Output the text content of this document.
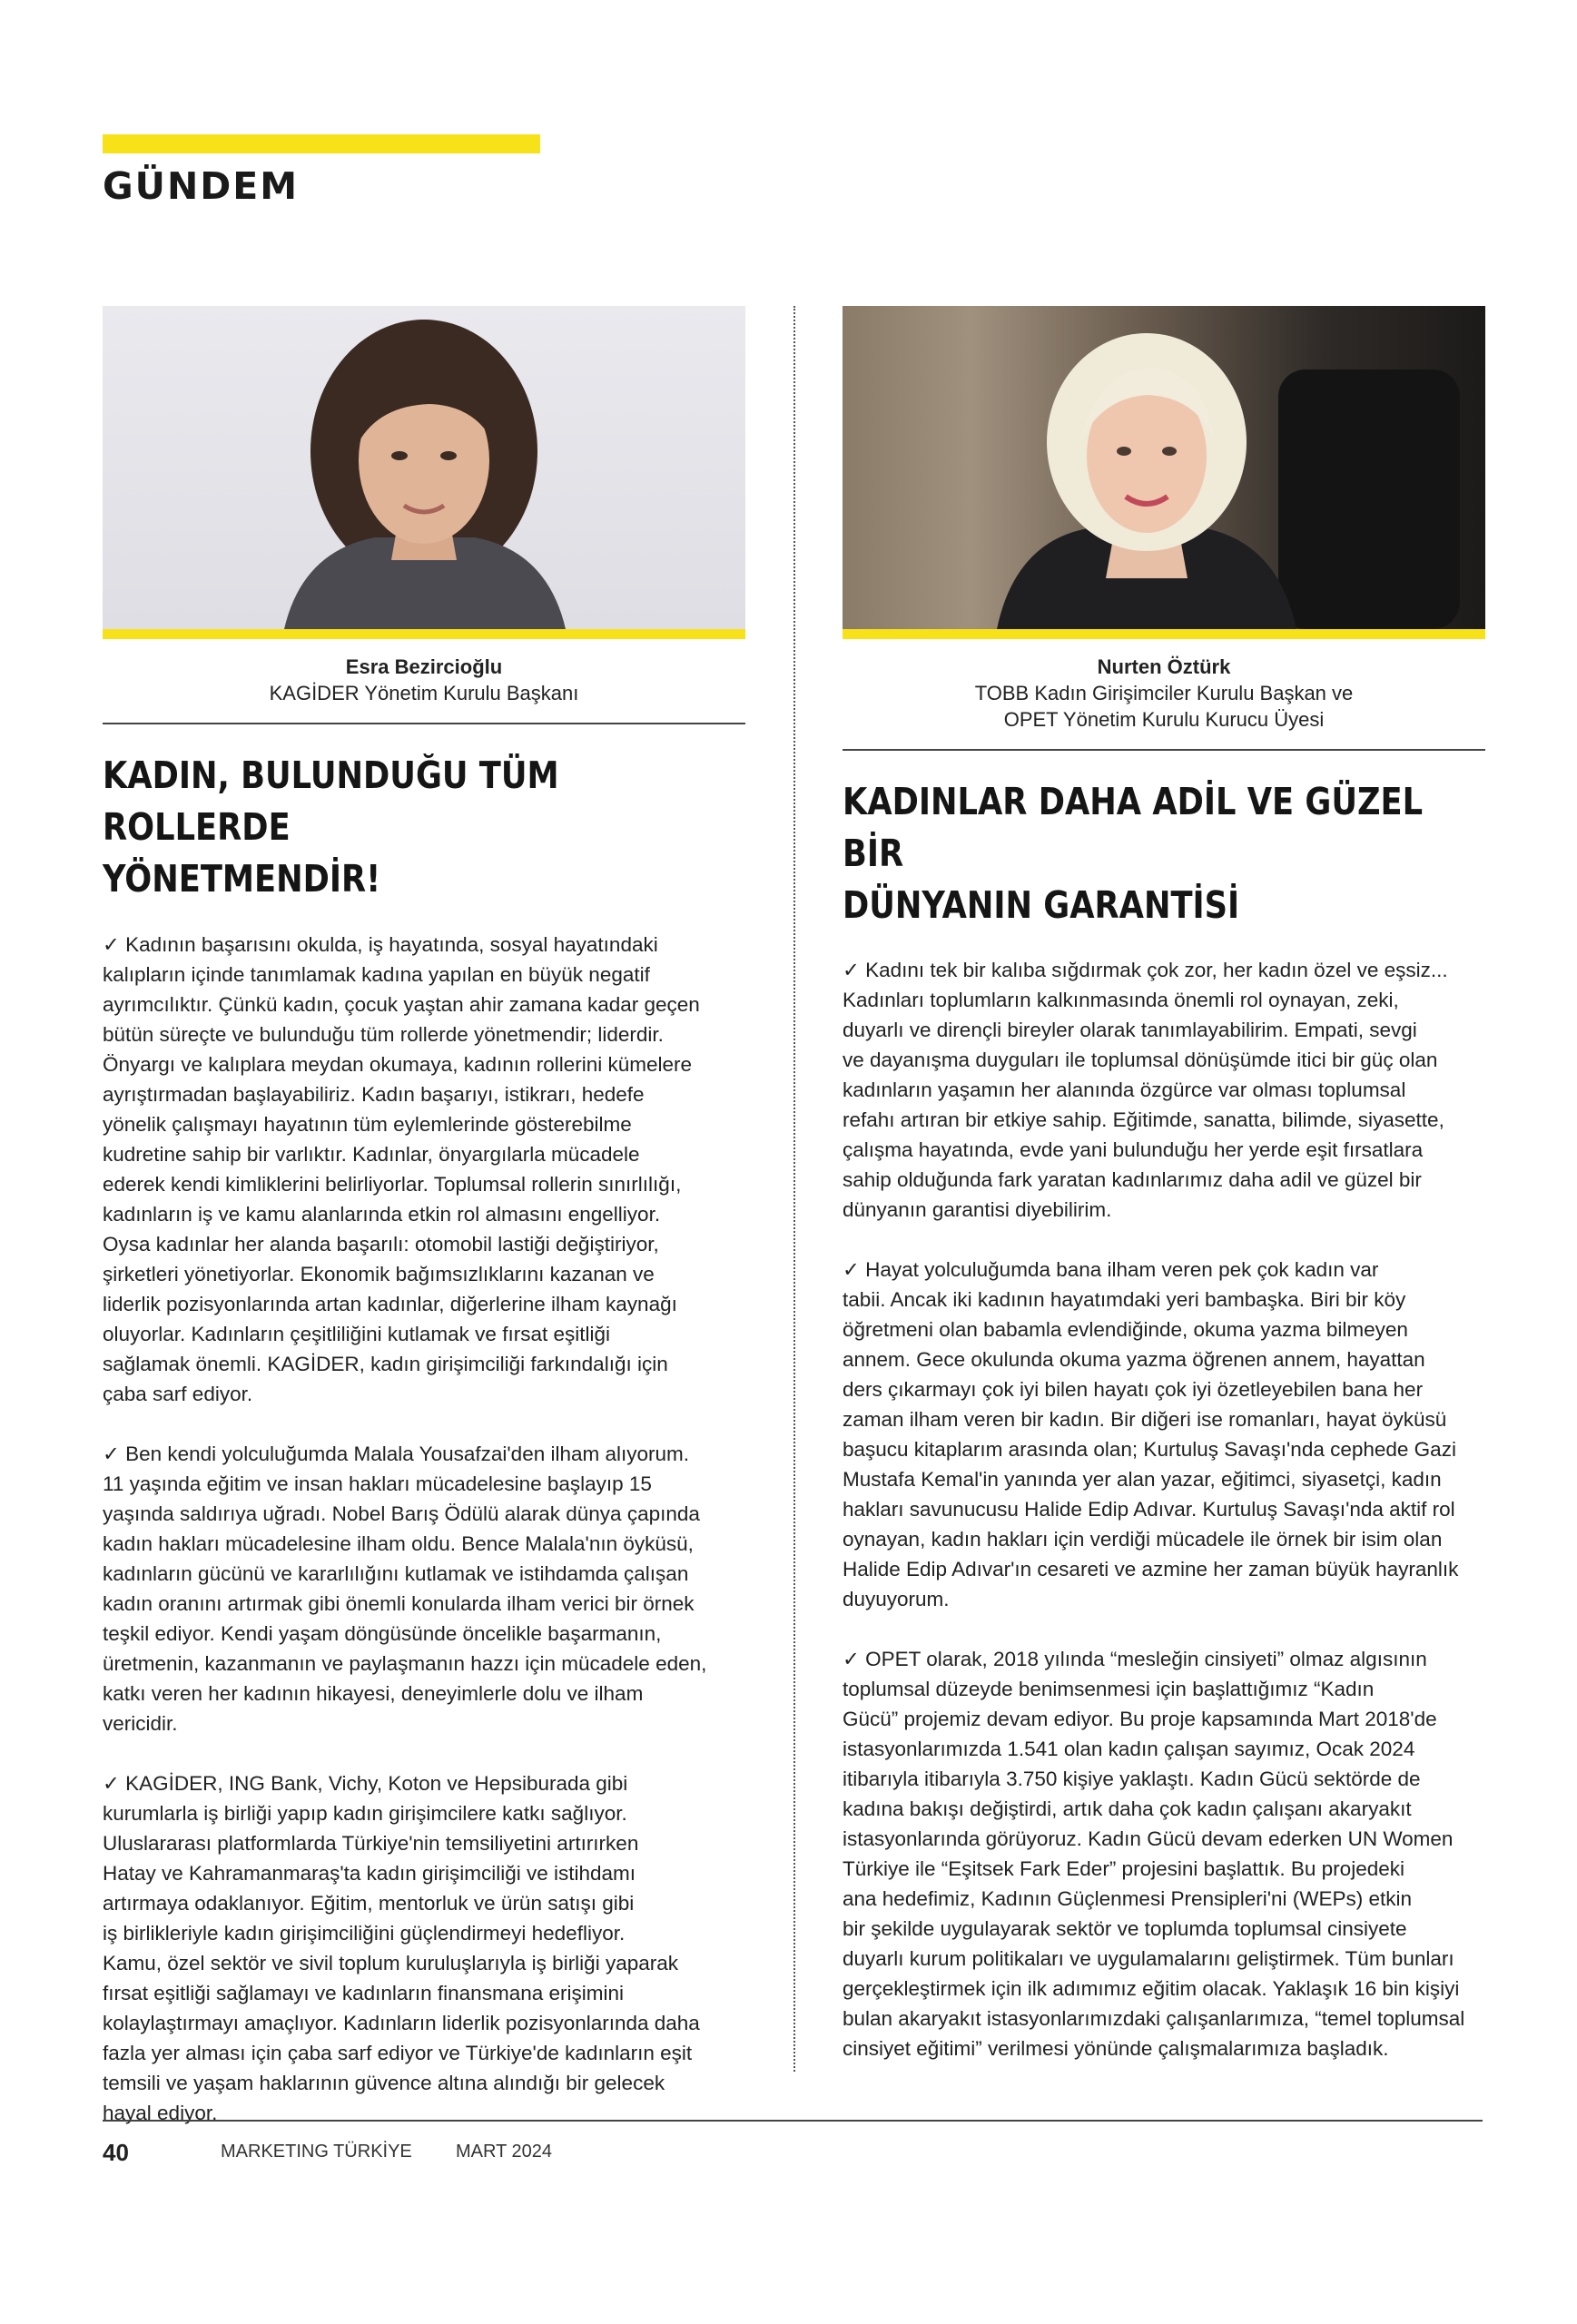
GÜNDEM
Esra Bezircioğlu
KAGİDER Yönetim Kurulu Başkanı
KADIN, BULUNDUĞU TÜM ROLLERDE
YÖNETMENDİR!

✓ Kadının başarısını okulda, iş hayatında, sosyal hayatındaki
kalıpların içinde tanımlamak kadına yapılan en büyük negatif
ayrımcılıktır. Çünkü kadın, çocuk yaştan ahir zamana kadar geçen
bütün süreçte ve bulunduğu tüm rollerde yönetmendir; liderdir.
Önyargı ve kalıplara meydan okumaya, kadının rollerini kümelere
ayrıştırmadan başlayabiliriz. Kadın başarıyı, istikrarı, hedefe
yönelik çalışmayı hayatının tüm eylemlerinde gösterebilme
kudretine sahip bir varlıktır. Kadınlar, önyargılarla mücadele
ederek kendi kimliklerini belirliyorlar. Toplumsal rollerin sınırlılığı,
kadınların iş ve kamu alanlarında etkin rol almasını engelliyor.
Oysa kadınlar her alanda başarılı: otomobil lastiği değiştiriyor,
şirketleri yönetiyorlar. Ekonomik bağımsızlıklarını kazanan ve
liderlik pozisyonlarında artan kadınlar, diğerlerine ilham kaynağı
oluyorlar. Kadınların çeşitliliğini kutlamak ve fırsat eşitliği
sağlamak önemli. KAGİDER, kadın girişimciliği farkındalığı için
çaba sarf ediyor.

✓ Ben kendi yolculuğumda Malala Yousafzai'den ilham alıyorum.
11 yaşında eğitim ve insan hakları mücadelesine başlayıp 15
yaşında saldırıya uğradı. Nobel Barış Ödülü alarak dünya çapında
kadın hakları mücadelesine ilham oldu. Bence Malala'nın öyküsü,
kadınların gücünü ve kararlılığını kutlamak ve istihdamda çalışan
kadın oranını artırmak gibi önemli konularda ilham verici bir örnek
teşkil ediyor. Kendi yaşam döngüsünde öncelikle başarmanın,
üretmenin, kazanmanın ve paylaşmanın hazzı için mücadele eden,
katkı veren her kadının hikayesi, deneyimlerle dolu ve ilham
vericidir.

✓ KAGİDER, ING Bank, Vichy, Koton ve Hepsiburada gibi
kurumlarla iş birliği yapıp kadın girişimcilere katkı sağlıyor.
Uluslararası platformlarda Türkiye'nin temsiliyetini artırırken
Hatay ve Kahramanmaraş'ta kadın girişimciliği ve istihdamı
artırmaya odaklanıyor. Eğitim, mentorluk ve ürün satışı gibi
iş birlikleriyle kadın girişimciliğini güçlendirmeyi hedefliyor.
Kamu, özel sektör ve sivil toplum kuruluşlarıyla iş birliği yaparak
fırsat eşitliği sağlamayı ve kadınların finansmana erişimini
kolaylaştırmayı amaçlıyor. Kadınların liderlik pozisyonlarında daha
fazla yer alması için çaba sarf ediyor ve Türkiye'de kadınların eşit
temsili ve yaşam haklarının güvence altına alındığı bir gelecek
hayal ediyor.

Nurten Öztürk
TOBB Kadın Girişimciler Kurulu Başkan ve
OPET Yönetim Kurulu Kurucu Üyesi
KADINLAR DAHA ADİL VE GÜZEL BİR
DÜNYANIN GARANTİSİ

✓ Kadını tek bir kalıba sığdırmak çok zor, her kadın özel ve eşsiz...
Kadınları toplumların kalkınmasında önemli rol oynayan, zeki,
duyarlı ve dirençli bireyler olarak tanımlayabilirim. Empati, sevgi
ve dayanışma duyguları ile toplumsal dönüşümde itici bir güç olan
kadınların yaşamın her alanında özgürce var olması toplumsal
refahı artıran bir etkiye sahip. Eğitimde, sanatta, bilimde, siyasette,
çalışma hayatında, evde yani bulunduğu her yerde eşit fırsatlara
sahip olduğunda fark yaratan kadınlarımız daha adil ve güzel bir
dünyanın garantisi diyebilirim.

✓ Hayat yolculuğumda bana ilham veren pek çok kadın var
tabii. Ancak iki kadının hayatımdaki yeri bambaşka. Biri bir köy
öğretmeni olan babamla evlendiğinde, okuma yazma bilmeyen
annem. Gece okulunda okuma yazma öğrenen annem, hayattan
ders çıkarmayı çok iyi bilen hayatı çok iyi özetleyebilen bana her
zaman ilham veren bir kadın. Bir diğeri ise romanları, hayat öyküsü
başucu kitaplarım arasında olan; Kurtuluş Savaşı'nda cephede Gazi
Mustafa Kemal'in yanında yer alan yazar, eğitimci, siyasetçi, kadın
hakları savunucusu Halide Edip Adıvar. Kurtuluş Savaşı'nda aktif rol
oynayan, kadın hakları için verdiği mücadele ile örnek bir isim olan
Halide Edip Adıvar'ın cesareti ve azmine her zaman büyük hayranlık
duyuyorum.

✓ OPET olarak, 2018 yılında “mesleğin cinsiyeti” olmaz algısının
toplumsal düzeyde benimsenmesi için başlattığımız “Kadın
Gücü” projemiz devam ediyor. Bu proje kapsamında Mart 2018'de
istasyonlarımızda 1.541 olan kadın çalışan sayımız, Ocak 2024
itibarıyla itibarıyla 3.750 kişiye yaklaştı. Kadın Gücü sektörde de
kadına bakışı değiştirdi, artık daha çok kadın çalışanı akaryakıt
istasyonlarında görüyoruz. Kadın Gücü devam ederken UN Women
Türkiye ile “Eşitsek Fark Eder” projesini başlattık. Bu projedeki
ana hedefimiz, Kadının Güçlenmesi Prensipleri'ni (WEPs) etkin
bir şekilde uygulayarak sektör ve toplumda toplumsal cinsiyete
duyarlı kurum politikaları ve uygulamalarını geliştirmek. Tüm bunları
gerçekleştirmek için ilk adımımız eğitim olacak. Yaklaşık 16 bin kişiyi
bulan akaryakıt istasyonlarımızdaki çalışanlarımıza, “temel toplumsal
cinsiyet eğitimi” verilmesi yönünde çalışmalarımıza başladık.

40	MARKETING TÜRKİYE MART 2024
